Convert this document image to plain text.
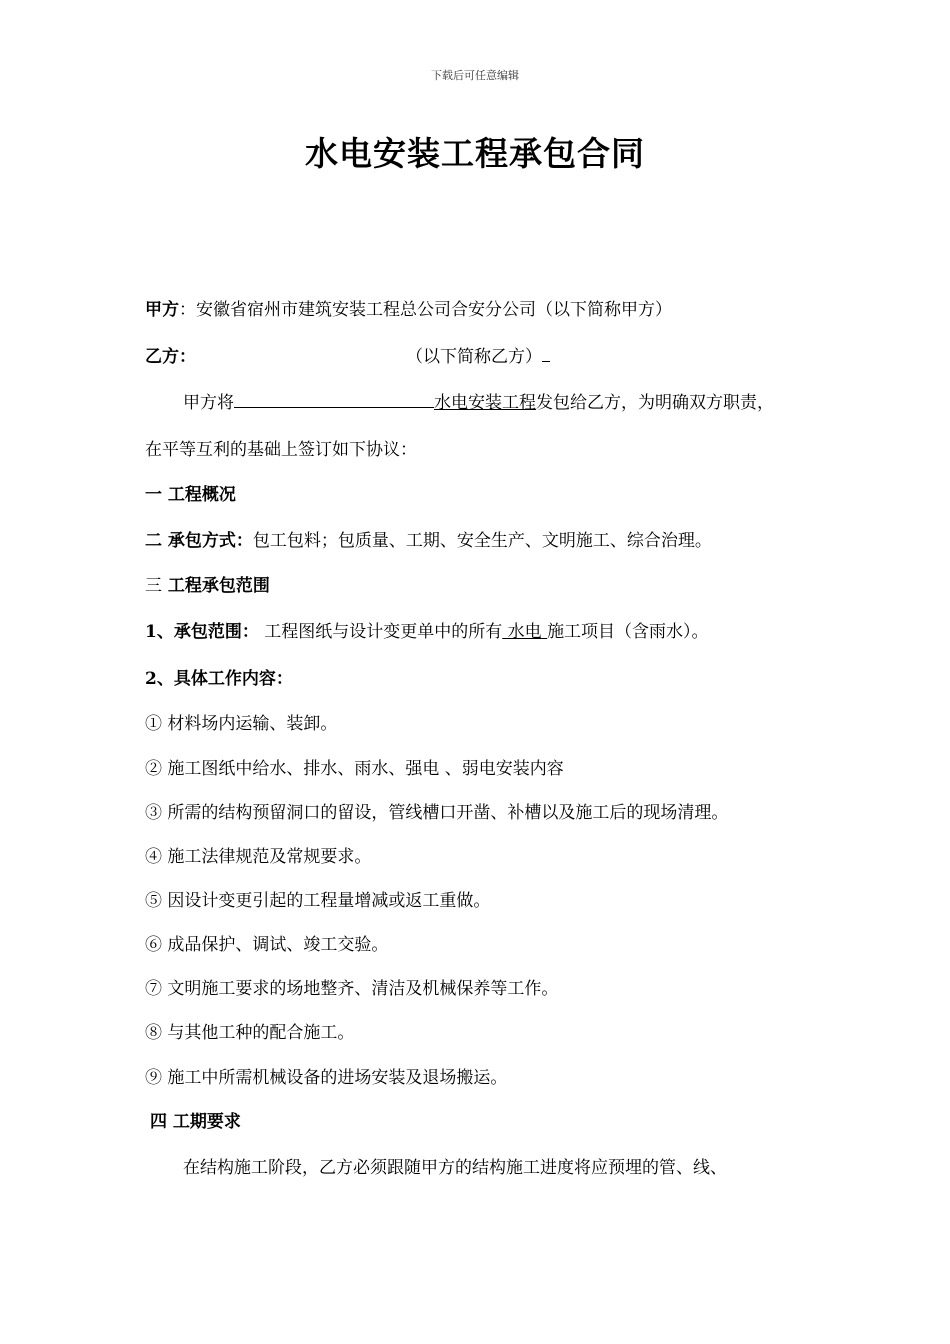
下载后可任意编辑
水电安装工程承包合同
甲方：安徽省宿州市建筑安装工程总公司合安分公司（以下简称甲方）
乙方：	（以下简称乙方）
甲方将	水电安装工程发包给乙方，为明确双方职责，
在平等互利的基础上签订如下协议：
一 工程概况
二 承包方式：包工包料；包质量、工期、安全生产、文明施工、综合治理。
三 工程承包范围
1、承包范围： 工程图纸与设计变更单中的所有 水电 施工项目（含雨水）。
2、具体工作内容：
① 材料场内运输、装卸。
② 施工图纸中给水、排水、雨水、强电 、弱电安装内容
③ 所需的结构预留洞口的留设，管线槽口开凿、补槽以及施工后的现场清理。
④ 施工法律规范及常规要求。
⑤ 因设计变更引起的工程量增减或返工重做。
⑥ 成品保护、调试、竣工交验。
⑦ 文明施工要求的场地整齐、清洁及机械保养等工作。
⑧ 与其他工种的配合施工。
⑨ 施工中所需机械设备的进场安装及退场搬运。
四 工期要求
在结构施工阶段，乙方必须跟随甲方的结构施工进度将应预埋的管、线、
